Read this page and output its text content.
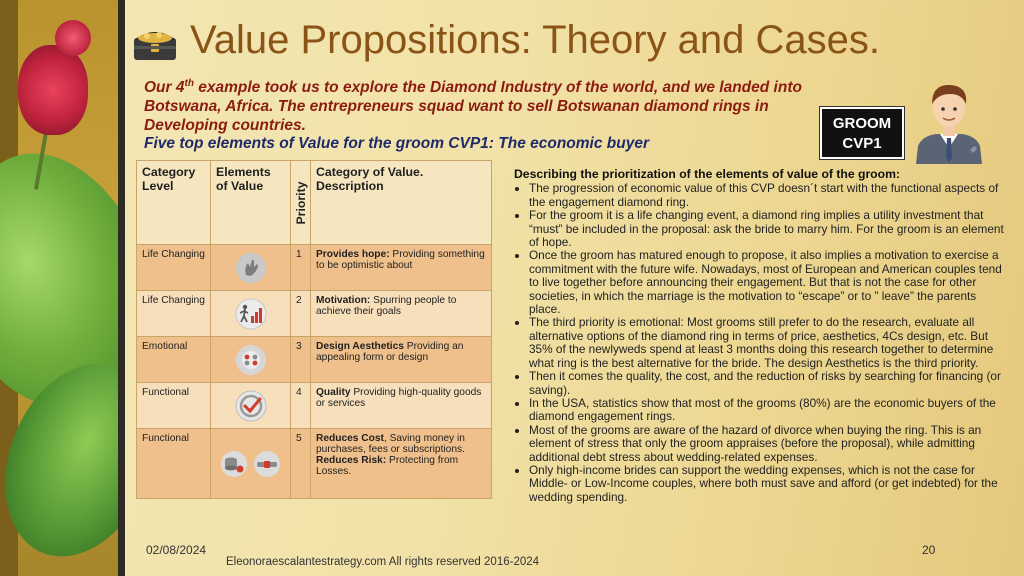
Value Propositions: Theory and Cases.

Our 4th example took us to explore the Diamond Industry of the world, and we landed into Botswana, Africa. The entrepreneurs squad want to sell Botswanan diamond rings in Developing countries.

Five top elements of Value for the groom CVP1: The economic buyer

GROOM
CVP1
Category Level	Elements of Value	Priority	Category of Value. Description
Life Changing		1	Provides hope: Providing something to be optimistic about
Life Changing		2	Motivation: Spurring people to achieve their goals
Emotional		3	Design Aesthetics Providing an appealing form or design
Functional		4	Quality Providing high-quality goods or services
Functional		5	Reduces Cost, Saving money in purchases, fees or subscriptions. Reduces Risk: Protecting from Losses.
Describing the prioritization of the elements of value of the groom:
• The progression of economic value of this CVP doesn´t start with the functional aspects of the engagement diamond ring.
• For the groom it is a life changing event, a diamond ring implies a utility investment that “must” be included in the proposal: ask the bride to marry him. For the groom is an element of hope.
• Once the groom has matured enough to propose, it also implies a motivation to exercise a commitment with the future wife. Nowadays, most of European and American couples tend to live together before announcing their engagement. But that is not the case for other societies, in which the marriage is the motivation to “escape” or to ” leave” the parents place.
• The third priority is emotional: Most grooms still prefer to do the research, evaluate all alternative options of the diamond ring in terms of price, aesthetics, 4Cs design, etc. But 35% of the newlyweds spend at least 3 months doing this research together to determine what ring is the best alternative for the bride. The design Aesthetics is the third priority.
• Then it comes the quality, the cost, and the reduction of risks by searching for financing (or saving).
• In the USA, statistics show that most of the grooms (80%) are the economic buyers of the diamond engagement rings.
• Most of the grooms are aware of the hazard of divorce when buying the ring. This is an element of stress that only the groom appraises (before the proposal), while admitting additional debt stress about wedding-related expenses.
• Only high-income brides can support the wedding expenses, which is not the case for Middle- or Low-Income couples, where both must save and afford (or get indebted) for the wedding spending.
02/08/2024
Eleonoraescalantestrategy.com All rights reserved 2016-2024
20
